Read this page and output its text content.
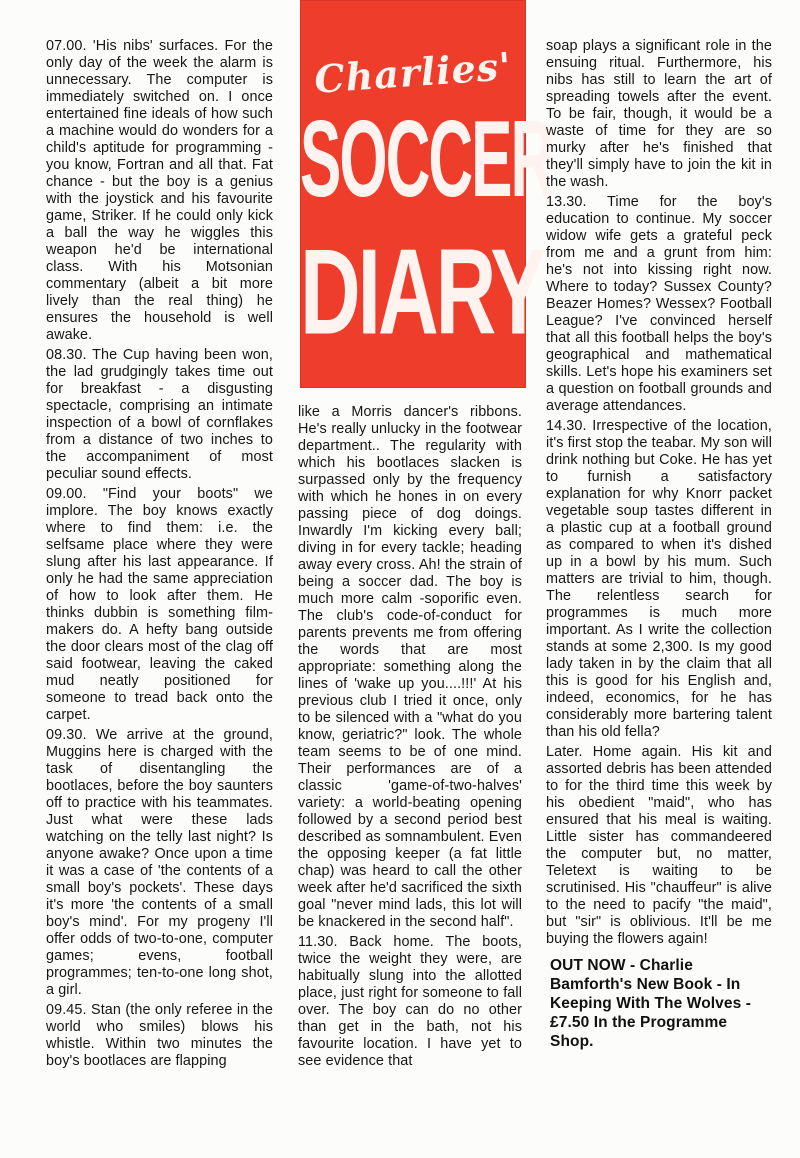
Charlies'
SOCCER
DIARY

07.00. 'His nibs' surfaces. For the only day of the week the alarm is unnecessary. The computer is immediately switched on. I once entertained fine ideals of how such a machine would do wonders for a child's aptitude for programming - you know, Fortran and all that. Fat chance - but the boy is a genius with the joystick and his favourite game, Striker. If he could only kick a ball the way he wiggles this weapon he'd be international class. With his Motsonian commentary (albeit a bit more lively than the real thing) he ensures the household is well awake.

08.30. The Cup having been won, the lad grudgingly takes time out for breakfast - a disgusting spectacle, comprising an intimate inspection of a bowl of cornflakes from a distance of two inches to the accompaniment of most peculiar sound effects.

09.00. "Find your boots" we implore. The boy knows exactly where to find them: i.e. the selfsame place where they were slung after his last appearance. If only he had the same appreciation of how to look after them. He thinks dubbin is something film-makers do. A hefty bang outside the door clears most of the clag off said footwear, leaving the caked mud neatly positioned for someone to tread back onto the carpet.

09.30. We arrive at the ground, Muggins here is charged with the task of disentangling the bootlaces, before the boy saunters off to practice with his teammates. Just what were these lads watching on the telly last night? Is anyone awake? Once upon a time it was a case of 'the contents of a small boy's pockets'. These days it's more 'the contents of a small boy's mind'. For my progeny I'll offer odds of two-to-one, computer games; evens, football programmes; ten-to-one long shot, a girl.

09.45. Stan (the only referee in the world who smiles) blows his whistle. Within two minutes the boy's bootlaces are flapping

like a Morris dancer's ribbons. He's really unlucky in the footwear department.. The regularity with which his bootlaces slacken is surpassed only by the frequency with which he hones in on every passing piece of dog doings. Inwardly I'm kicking every ball; diving in for every tackle; heading away every cross. Ah! the strain of being a soccer dad. The boy is much more calm -soporific even. The club's code-of-conduct for parents prevents me from offering the words that are most appropriate: something along the lines of 'wake up you....!!!' At his previous club I tried it once, only to be silenced with a "what do you know, geriatric?" look. The whole team seems to be of one mind. Their performances are of a classic 'game-of-two-halves' variety: a world-beating opening followed by a second period best described as somnambulent. Even the opposing keeper (a fat little chap) was heard to call the other week after he'd sacrificed the sixth goal "never mind lads, this lot will be knackered in the second half".

11.30. Back home. The boots, twice the weight they were, are habitually slung into the allotted place, just right for someone to fall over. The boy can do no other than get in the bath, not his favourite location. I have yet to see evidence that

soap plays a significant role in the ensuing ritual. Furthermore, his nibs has still to learn the art of spreading towels after the event. To be fair, though, it would be a waste of time for they are so murky after he's finished that they'll simply have to join the kit in the wash.

13.30. Time for the boy's education to continue. My soccer widow wife gets a grateful peck from me and a grunt from him: he's not into kissing right now. Where to today? Sussex County? Beazer Homes? Wessex? Football League? I've convinced herself that all this football helps the boy's geographical and mathematical skills. Let's hope his examiners set a question on football grounds and average attendances.

14.30. Irrespective of the location, it's first stop the teabar. My son will drink nothing but Coke. He has yet to furnish a satisfactory explanation for why Knorr packet vegetable soup tastes different in a plastic cup at a football ground as compared to when it's dished up in a bowl by his mum. Such matters are trivial to him, though. The relentless search for programmes is much more important. As I write the collection stands at some 2,300. Is my good lady taken in by the claim that all this is good for his English and, indeed, economics, for he has considerably more bartering talent than his old fella?

Later. Home again. His kit and assorted debris has been attended to for the third time this week by his obedient "maid", who has ensured that his meal is waiting. Little sister has commandeered the computer but, no matter, Teletext is waiting to be scrutinised. His "chauffeur" is alive to the need to pacify "the maid", but "sir" is oblivious. It'll be me buying the flowers again!

OUT NOW - Charlie Bamforth's New Book - In Keeping With The Wolves - £7.50 In the Programme Shop.
